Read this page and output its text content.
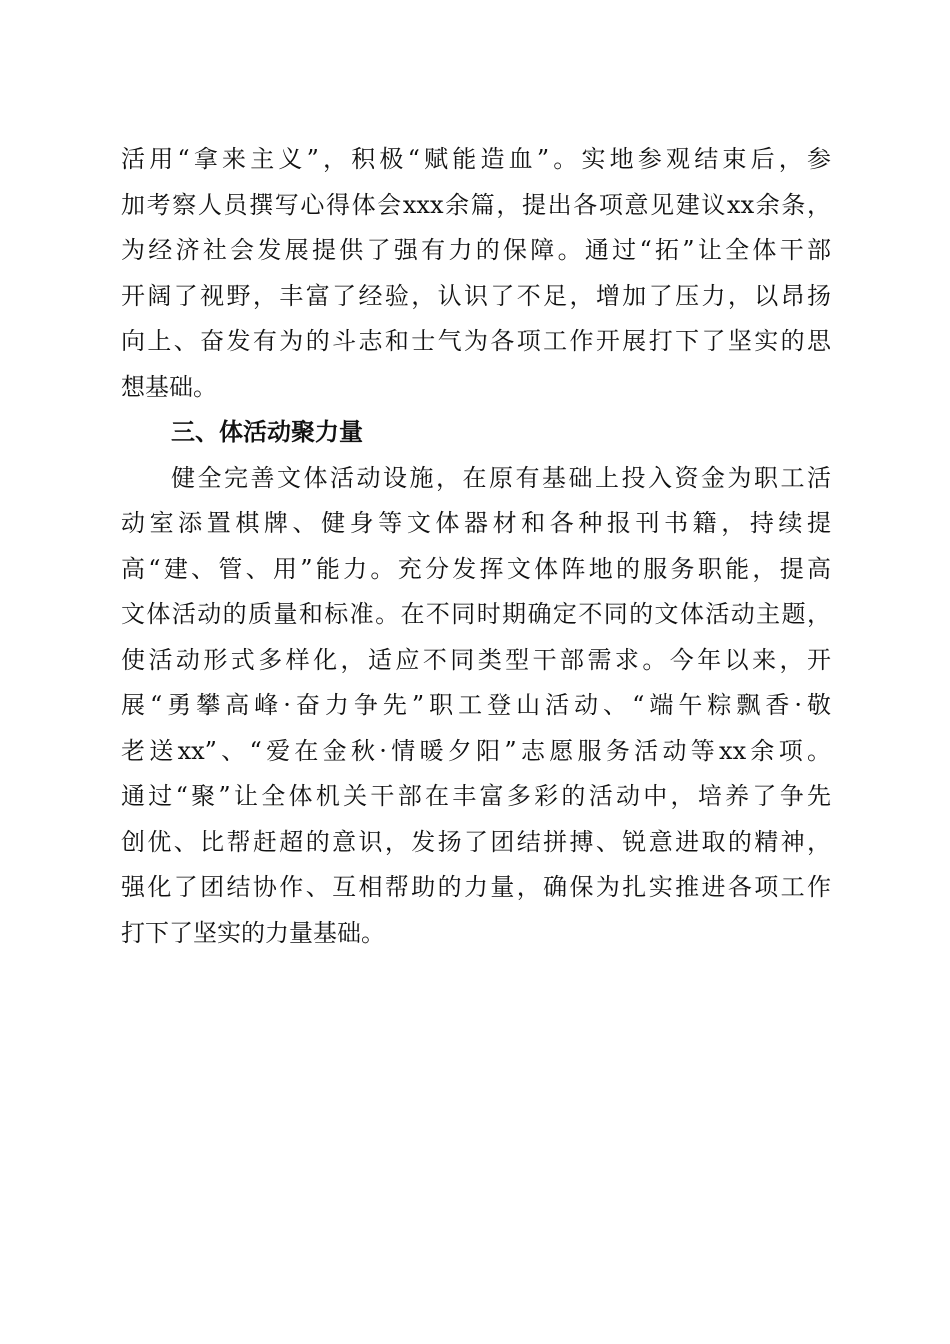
活用“拿来主义”，积极“赋能造血”。实地参观结束后，参
加考察人员撰写心得体会xxx余篇，提出各项意见建议xx余条，
为经济社会发展提供了强有力的保障。通过“拓”让全体干部
开阔了视野，丰富了经验，认识了不足，增加了压力，以昂扬
向上、奋发有为的斗志和士气为各项工作开展打下了坚实的思
想基础。
三、体活动聚力量
健全完善文体活动设施，在原有基础上投入资金为职工活
动室添置棋牌、健身等文体器材和各种报刊书籍，持续提
高“建、管、用”能力。充分发挥文体阵地的服务职能，提高
文体活动的质量和标准。在不同时期确定不同的文体活动主题，
使活动形式多样化，适应不同类型干部需求。今年以来，开
展“勇攀高峰·奋力争先”职工登山活动、“端午粽飘香·敬
老送xx”、“爱在金秋·情暖夕阳”志愿服务活动等xx余项。
通过“聚”让全体机关干部在丰富多彩的活动中，培养了争先
创优、比帮赶超的意识，发扬了团结拼搏、锐意进取的精神，
强化了团结协作、互相帮助的力量，确保为扎实推进各项工作
打下了坚实的力量基础。
